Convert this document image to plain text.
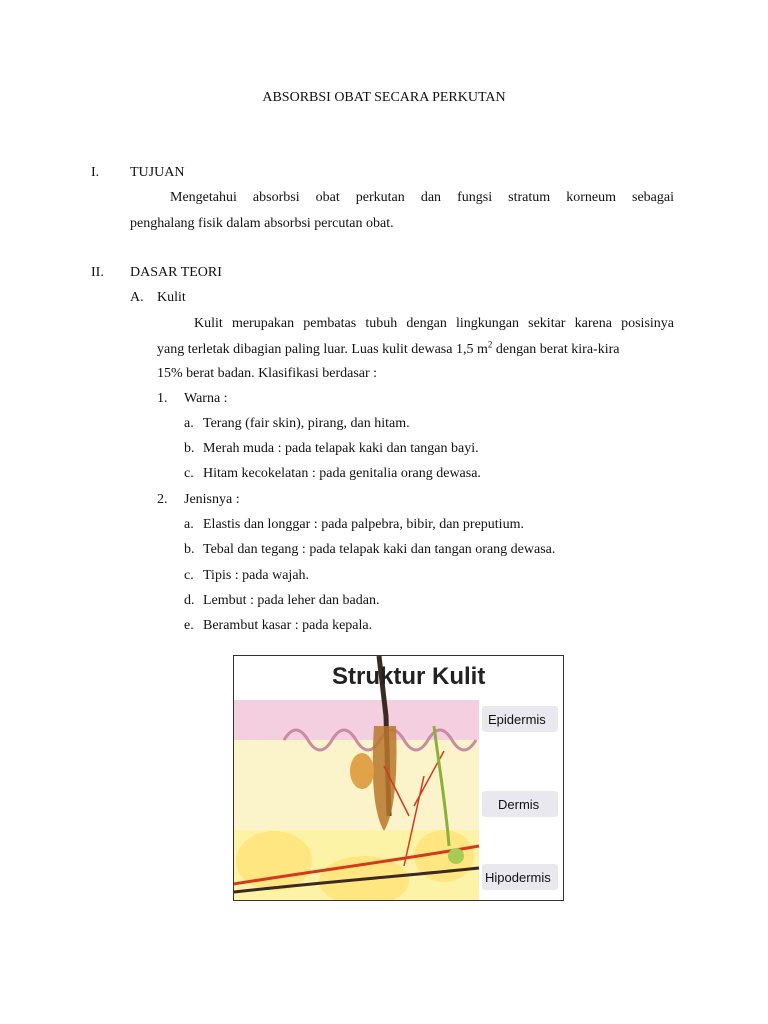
ABSORBSI OBAT SECARA PERKUTAN
I. TUJUAN
Mengetahui absorbsi obat perkutan dan fungsi stratum korneum sebagai
penghalang fisik dalam absorbsi percutan obat.
II. DASAR TEORI
A. Kulit
Kulit merupakan pembatas tubuh dengan lingkungan sekitar karena posisinya
yang terletak dibagian paling luar. Luas kulit dewasa 1,5 $m^2$ dengan berat kira-kira
15% berat badan. Klasifikasi berdasar :
1. Warna :
a. Terang (fair skin), pirang, dan hitam.
b. Merah muda : pada telapak kaki dan tangan bayi.
c. Hitam kecokelatan : pada genitalia orang dewasa.
2. Jenisnya :
a. Elastis dan longgar : pada palpebra, bibir, dan preputium.
b. Tebal dan tegang : pada telapak kaki dan tangan orang dewasa.
c. Tipis : pada wajah.
d. Lembut : pada leher dan badan.
e. Berambut kasar : pada kepala.
Struktur Kulit
Epidermis
Dermis
Hipodermis
